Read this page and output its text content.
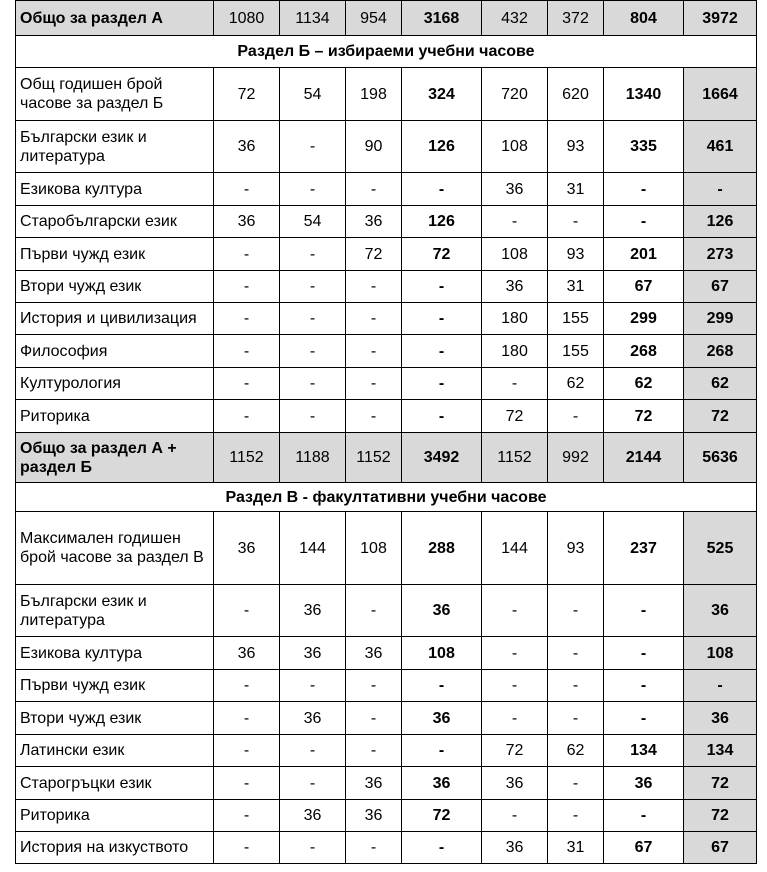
Общо за раздел А	1080	1134	954	3168	432	372	804	3972
Раздел Б – избираеми учебни часове								
Общ годишен брой часове за раздел Б	72	54	198	324	720	620	1340	1664
Български език и литература	36	-	90	126	108	93	335	461
Езикова култура	-	-	-	-	36	31	-	-
Старобългарски език	36	54	36	126	-	-	-	126
Първи чужд език	-	-	72	72	108	93	201	273
Втори чужд език	-	-	-	-	36	31	67	67
История и цивилизация	-	-	-	-	180	155	299	299
Философия	-	-	-	-	180	155	268	268
Културология	-	-	-	-	-	62	62	62
Риторика	-	-	-	-	72	-	72	72
Общо за раздел А + раздел Б	1152	1188	1152	3492	1152	992	2144	5636
Раздел В - факултативни учебни часове								
Максимален годишен брой часове за раздел В	36	144	108	288	144	93	237	525
Български език и литература	-	36	-	36	-	-	-	36
Езикова култура	36	36	36	108	-	-	-	108
Първи чужд език	-	-	-	-	-	-	-	-
Втори чужд език	-	36	-	36	-	-	-	36
Латински език	-	-	-	-	72	62	134	134
Старогръцки език	-	-	36	36	36	-	36	72
Риторика	-	36	36	72	-	-	-	72
История на изкуството	-	-	-	-	36	31	67	67
